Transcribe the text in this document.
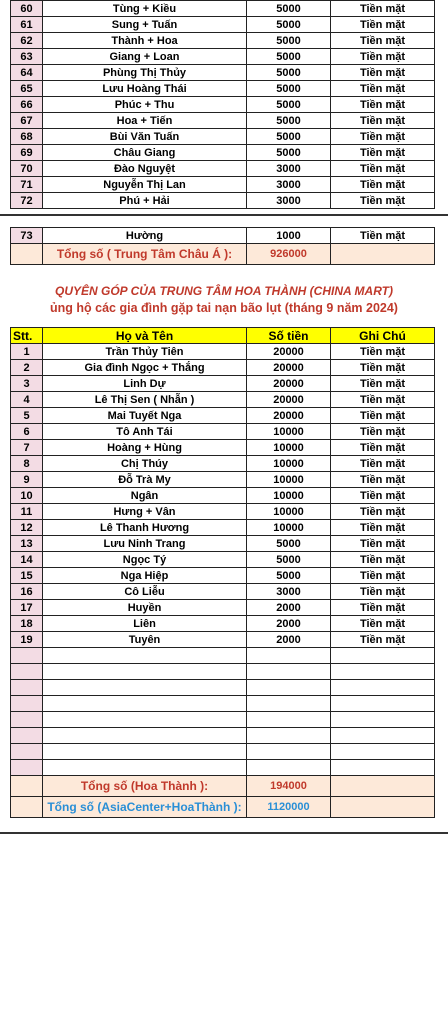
60	Tùng + Kiều	5000	Tiền mặt
61	Sung + Tuấn	5000	Tiền mặt
62	Thành + Hoa	5000	Tiền mặt
63	Giang + Loan	5000	Tiền mặt
64	Phùng Thị Thủy	5000	Tiền mặt
65	Lưu Hoàng Thái	5000	Tiền mặt
66	Phúc + Thu	5000	Tiền mặt
67	Hoa + Tiến	5000	Tiền mặt
68	Bùi Văn Tuấn	5000	Tiền mặt
69	Châu Giang	5000	Tiền mặt
70	Đào Nguyệt	3000	Tiền mặt
71	Nguyễn Thị Lan	3000	Tiền mặt
72	Phú + Hải	3000	Tiền mặt
73	Hường	1000	Tiền mặt
	Tổng số ( Trung Tâm Châu Á ):	926000	
QUYÊN GÓP CỦA TRUNG TÂM HOA THÀNH (CHINA MART)
ủng hộ các gia đình gặp tai nạn bão lụt (tháng 9 năm 2024)
Stt.	Họ và Tên	Số tiền	Ghi Chú
1	Trần Thủy Tiên	20000	Tiền mặt
2	Gia đình Ngọc + Thắng	20000	Tiền mặt
3	Linh Dự	20000	Tiền mặt
4	Lê Thị Sen ( Nhẫn )	20000	Tiền mặt
5	Mai Tuyết Nga	20000	Tiền mặt
6	Tô Anh Tái	10000	Tiền mặt
7	Hoàng + Hùng	10000	Tiền mặt
8	Chị Thúy	10000	Tiền mặt
9	Đỗ Trà My	10000	Tiền mặt
10	Ngân	10000	Tiền mặt
11	Hưng + Vân	10000	Tiền mặt
12	Lê Thanh Hương	10000	Tiền mặt
13	Lưu Ninh Trang	5000	Tiền mặt
14	Ngọc Tý	5000	Tiền mặt
15	Nga Hiệp	5000	Tiền mặt
16	Cô Liễu	3000	Tiền mặt
17	Huyền	2000	Tiền mặt
18	Liên	2000	Tiền mặt
19	Tuyên	2000	Tiền mặt

	Tổng số (Hoa Thành ):	194000	
	Tổng số (AsiaCenter+HoaThành ):	1120000	
